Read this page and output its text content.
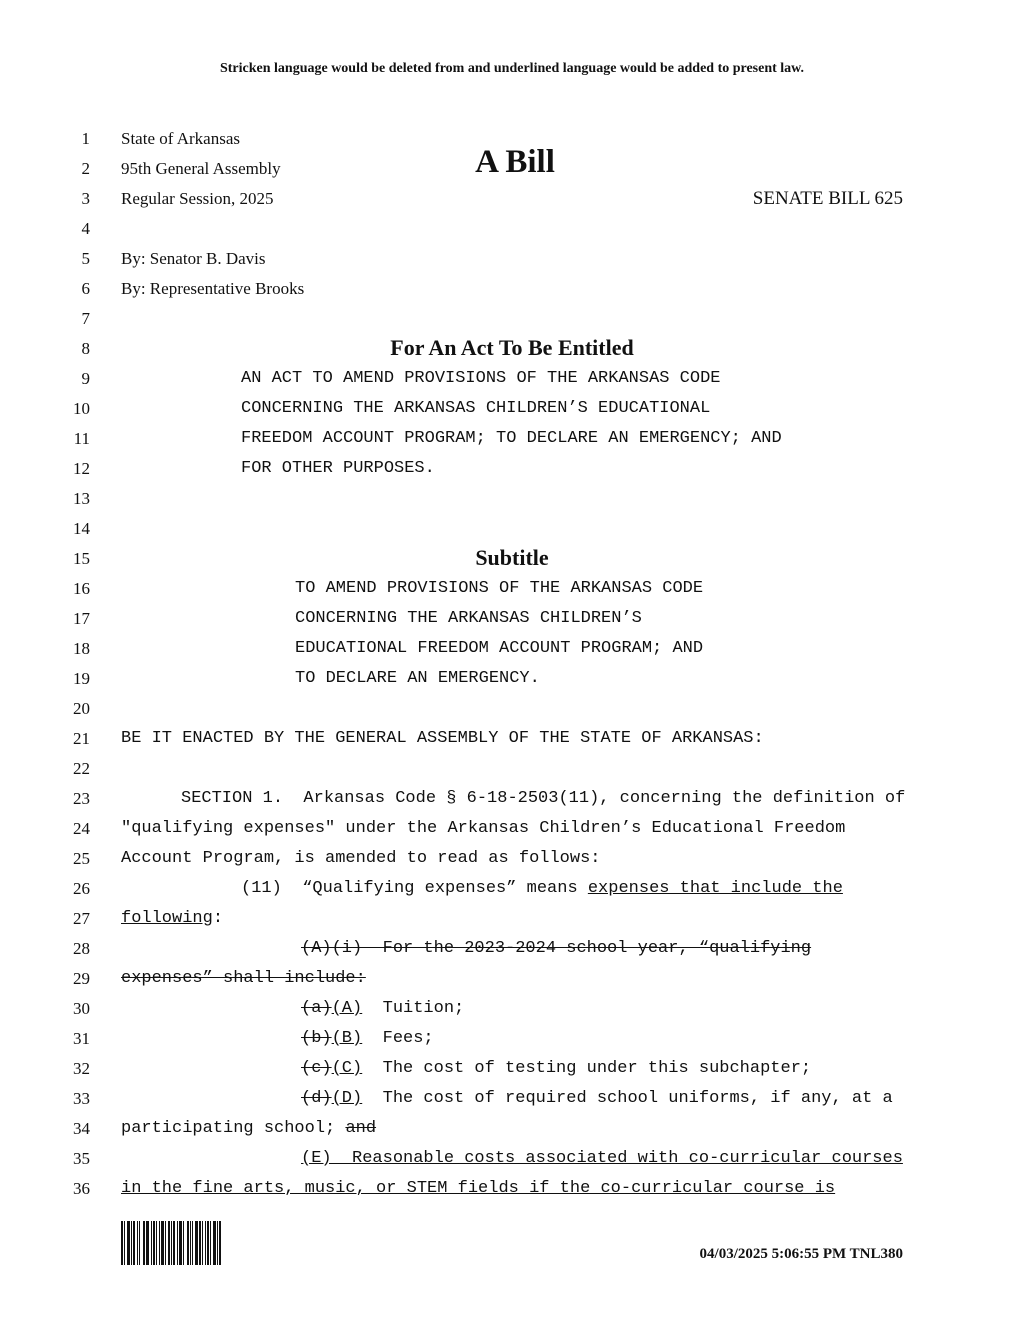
Stricken language would be deleted from and underlined language would be added to present law.
1
2
3
4
5
6
7
8
9
10
11
12
13
14
15
16
17
18
19
20
21
22
23
24
25
26
27
28
29
30
31
32
33
34
35
36
State of Arkansas
95th General Assembly
Regular Session, 2025
A Bill
SENATE BILL 625
By: Senator B. Davis
By: Representative Brooks
For An Act To Be Entitled
AN ACT TO AMEND PROVISIONS OF THE ARKANSAS CODE
CONCERNING THE ARKANSAS CHILDREN’S EDUCATIONAL
FREEDOM ACCOUNT PROGRAM; TO DECLARE AN EMERGENCY; AND
FOR OTHER PURPOSES.
Subtitle
TO AMEND PROVISIONS OF THE ARKANSAS CODE
CONCERNING THE ARKANSAS CHILDREN’S
EDUCATIONAL FREEDOM ACCOUNT PROGRAM; AND
TO DECLARE AN EMERGENCY.
BE IT ENACTED BY THE GENERAL ASSEMBLY OF THE STATE OF ARKANSAS:
SECTION 1.  Arkansas Code § 6-18-2503(11), concerning the definition of
"qualifying expenses" under the Arkansas Children’s Educational Freedom
Account Program, is amended to read as follows:
(11)  “Qualifying expenses” means expenses that include the
following:
(A)(i)  For the 2023-2024 school year, “qualifying
expenses” shall include:
(a)(A)  Tuition;
(b)(B)  Fees;
(c)(C)  The cost of testing under this subchapter;
(d)(D)  The cost of required school uniforms, if any, at a
participating school; and
(E)  Reasonable costs associated with co-curricular courses
in the fine arts, music, or STEM fields if the co-curricular course is
04/03/2025 5:06:55 PM TNL380
